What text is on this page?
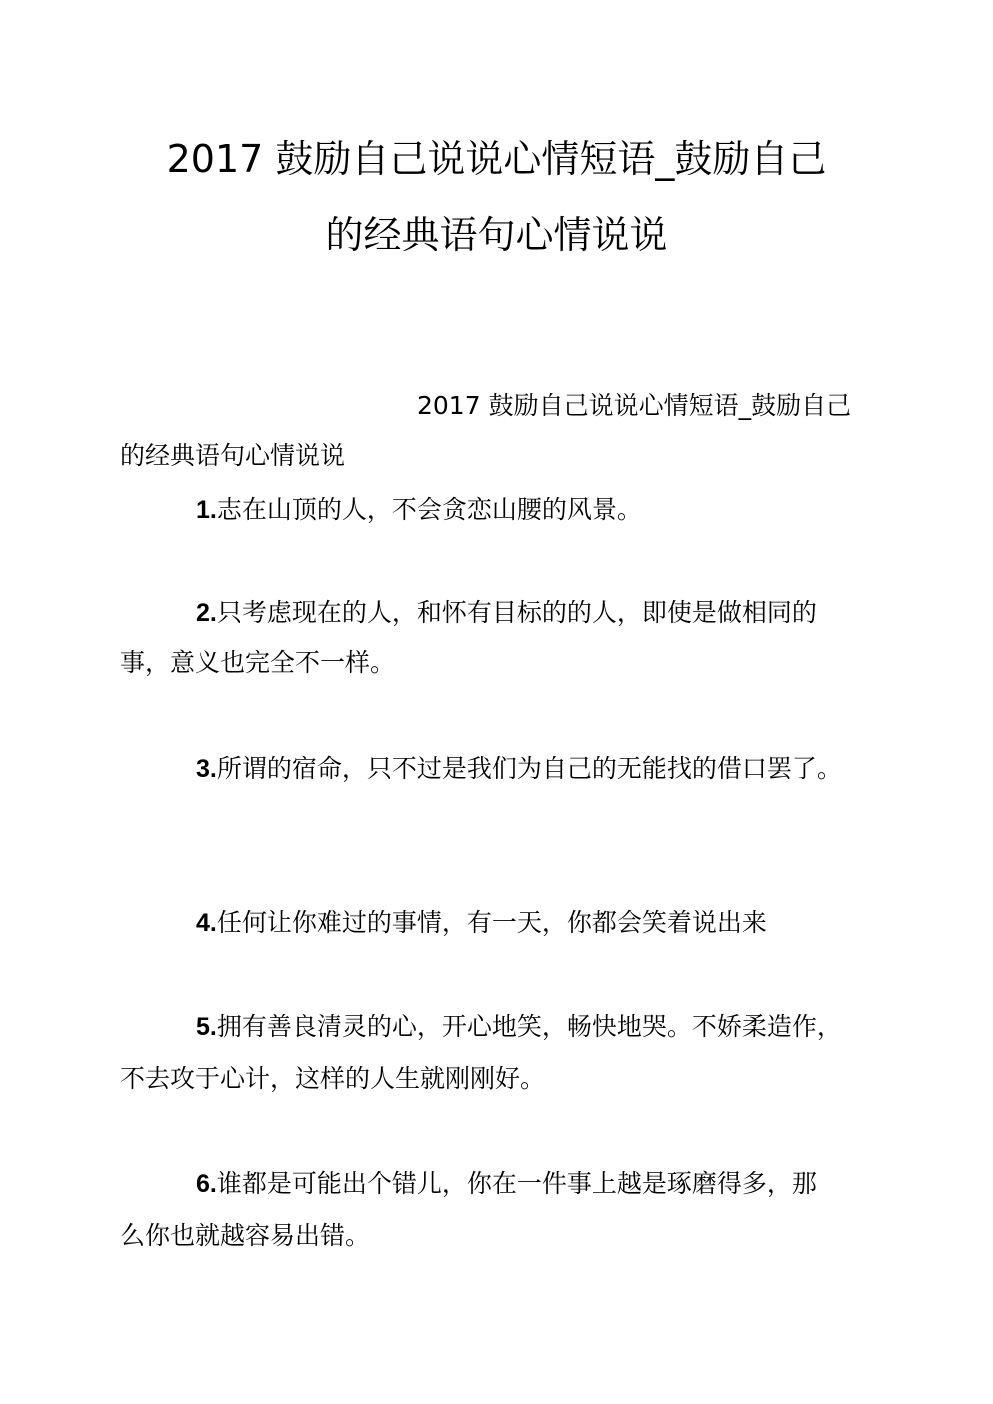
2017 鼓励自己说说心情短语_鼓励自己
的经典语句心情说说

2017 鼓励自己说说心情短语_鼓励自己

的经典语句心情说说

1.志在山顶的人，不会贪恋山腰的风景。

2.只考虑现在的人，和怀有目标的的人，即使是做相同的

事，意义也完全不一样。

3.所谓的宿命，只不过是我们为自己的无能找的借口罢了。

4.任何让你难过的事情，有一天，你都会笑着说出来

5.拥有善良清灵的心，开心地笑，畅快地哭。不娇柔造作，

不去攻于心计，这样的人生就刚刚好。

6.谁都是可能出个错儿，你在一件事上越是琢磨得多，那

么你也就越容易出错。
